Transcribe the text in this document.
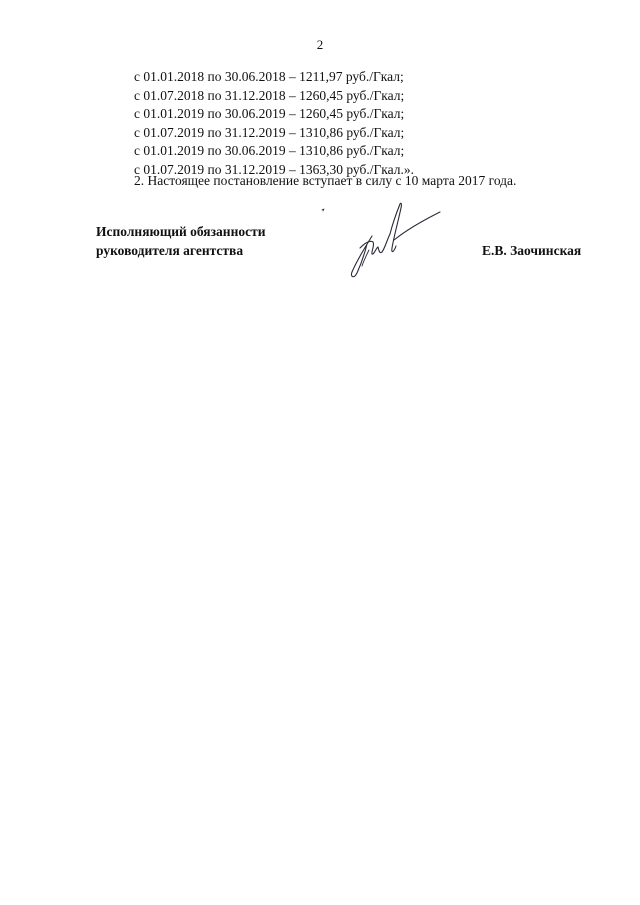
2
с 01.01.2018 по 30.06.2018 – 1211,97 руб./Гкал;
с 01.07.2018 по 31.12.2018 – 1260,45 руб./Гкал;
с 01.01.2019 по 30.06.2019 – 1260,45 руб./Гкал;
с 01.07.2019 по 31.12.2019 – 1310,86 руб./Гкал;
с 01.01.2019 по 30.06.2019 – 1310,86 руб./Гкал;
с 01.07.2019 по 31.12.2019 – 1363,30 руб./Гкал.».

2. Настоящее постановление вступает в силу с 10 марта 2017 года.

Исполняющий обязанности
руководителя агентства	Е.В. Заочинская
